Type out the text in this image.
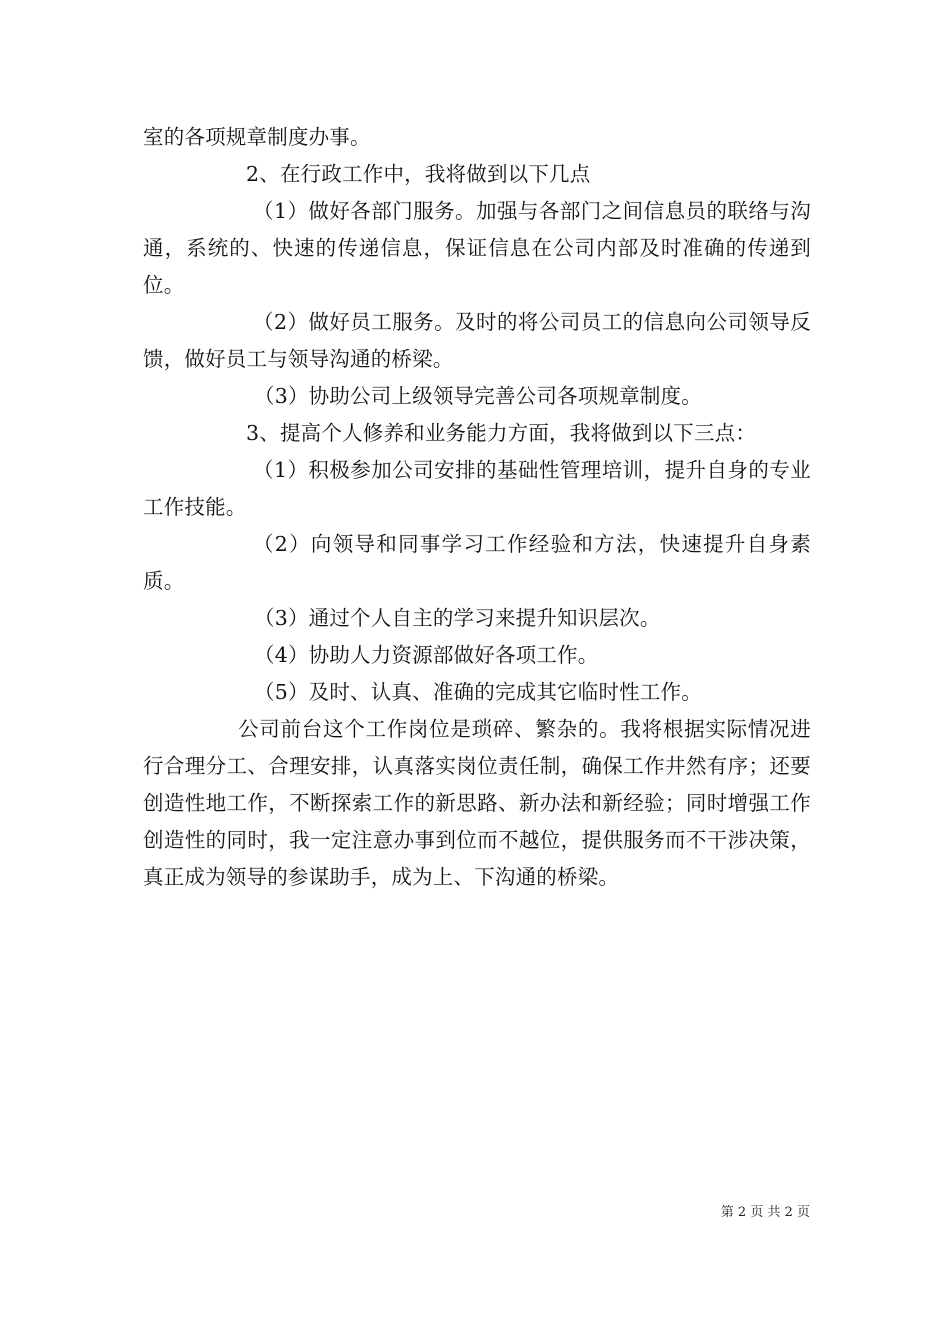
室的各项规章制度办事。

2、在行政工作中，我将做到以下几点

（1）做好各部门服务。加强与各部门之间信息员的联络与沟通，系统的、快速的传递信息，保证信息在公司内部及时准确的传递到位。

（2）做好员工服务。及时的将公司员工的信息向公司领导反馈，做好员工与领导沟通的桥梁。

（3）协助公司上级领导完善公司各项规章制度。

3、提高个人修养和业务能力方面，我将做到以下三点：

（1）积极参加公司安排的基础性管理培训，提升自身的专业工作技能。

（2）向领导和同事学习工作经验和方法，快速提升自身素质。

（3）通过个人自主的学习来提升知识层次。

（4）协助人力资源部做好各项工作。

（5）及时、认真、准确的完成其它临时性工作。

公司前台这个工作岗位是琐碎、繁杂的。我将根据实际情况进行合理分工、合理安排，认真落实岗位责任制，确保工作井然有序；还要创造性地工作，不断探索工作的新思路、新办法和新经验；同时增强工作创造性的同时，我一定注意办事到位而不越位，提供服务而不干涉决策，真正成为领导的参谋助手，成为上、下沟通的桥梁。

第 2 页 共 2 页
